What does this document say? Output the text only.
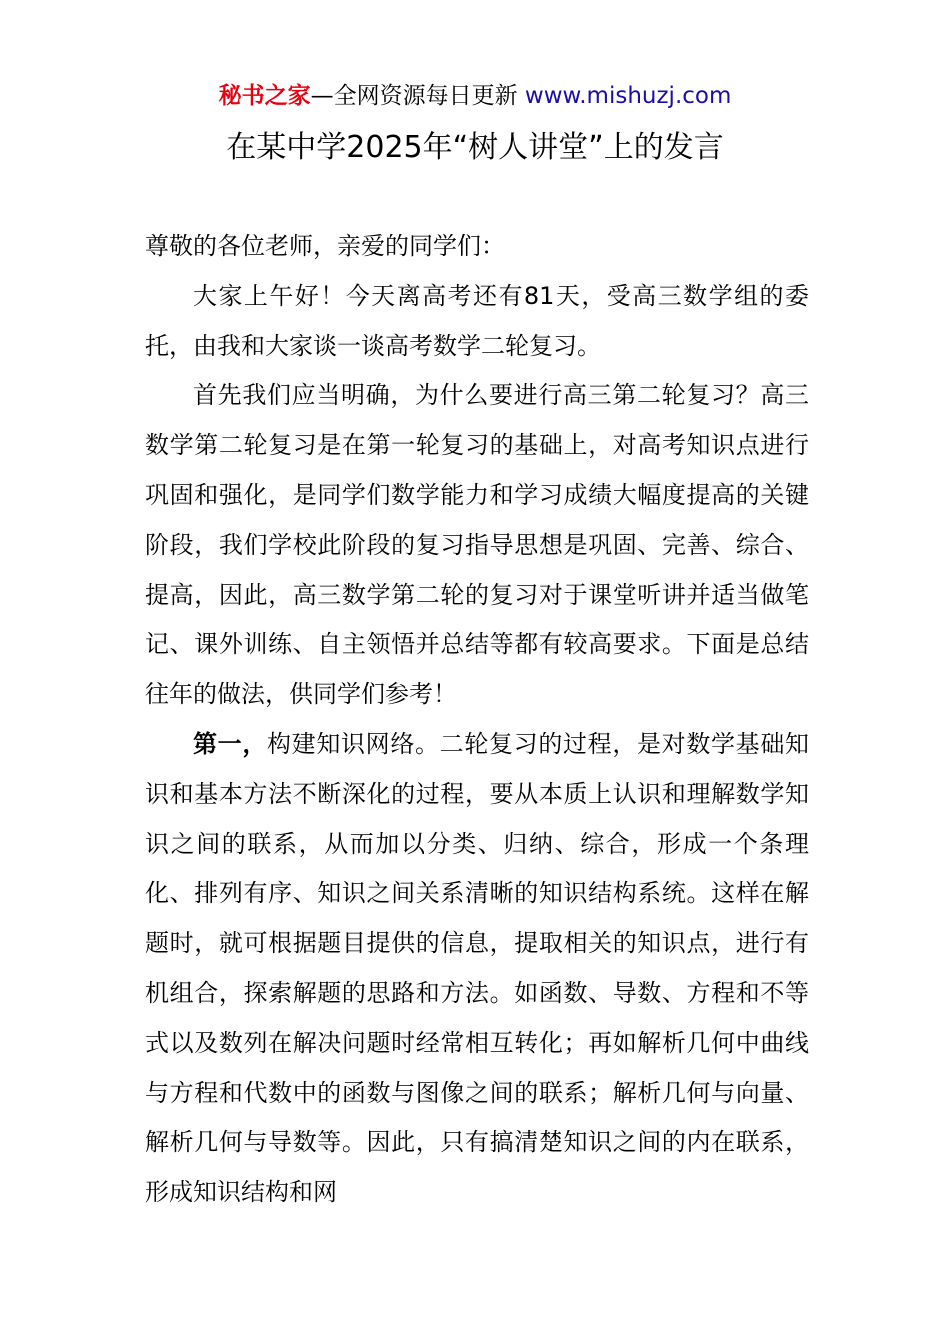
秘书之家—全网资源每日更新 www.mishuzj.com
在某中学2025年“树人讲堂”上的发言

尊敬的各位老师，亲爱的同学们：

大家上午好！今天离高考还有81天，受高三数学组的委托，由我和大家谈一谈高考数学二轮复习。

首先我们应当明确，为什么要进行高三第二轮复习？高三数学第二轮复习是在第一轮复习的基础上，对高考知识点进行巩固和强化，是同学们数学能力和学习成绩大幅度提高的关键阶段，我们学校此阶段的复习指导思想是巩固、完善、综合、提高，因此，高三数学第二轮的复习对于课堂听讲并适当做笔记、课外训练、自主领悟并总结等都有较高要求。下面是总结往年的做法，供同学们参考！

第一，构建知识网络。二轮复习的过程，是对数学基础知识和基本方法不断深化的过程，要从本质上认识和理解数学知识之间的联系，从而加以分类、归纳、综合，形成一个条理化、排列有序、知识之间关系清晰的知识结构系统。这样在解题时，就可根据题目提供的信息，提取相关的知识点，进行有机组合，探索解题的思路和方法。如函数、导数、方程和不等式以及数列在解决问题时经常相互转化；再如解析几何中曲线与方程和代数中的函数与图像之间的联系；解析几何与向量、解析几何与导数等。因此，只有搞清楚知识之间的内在联系，形成知识结构和网
